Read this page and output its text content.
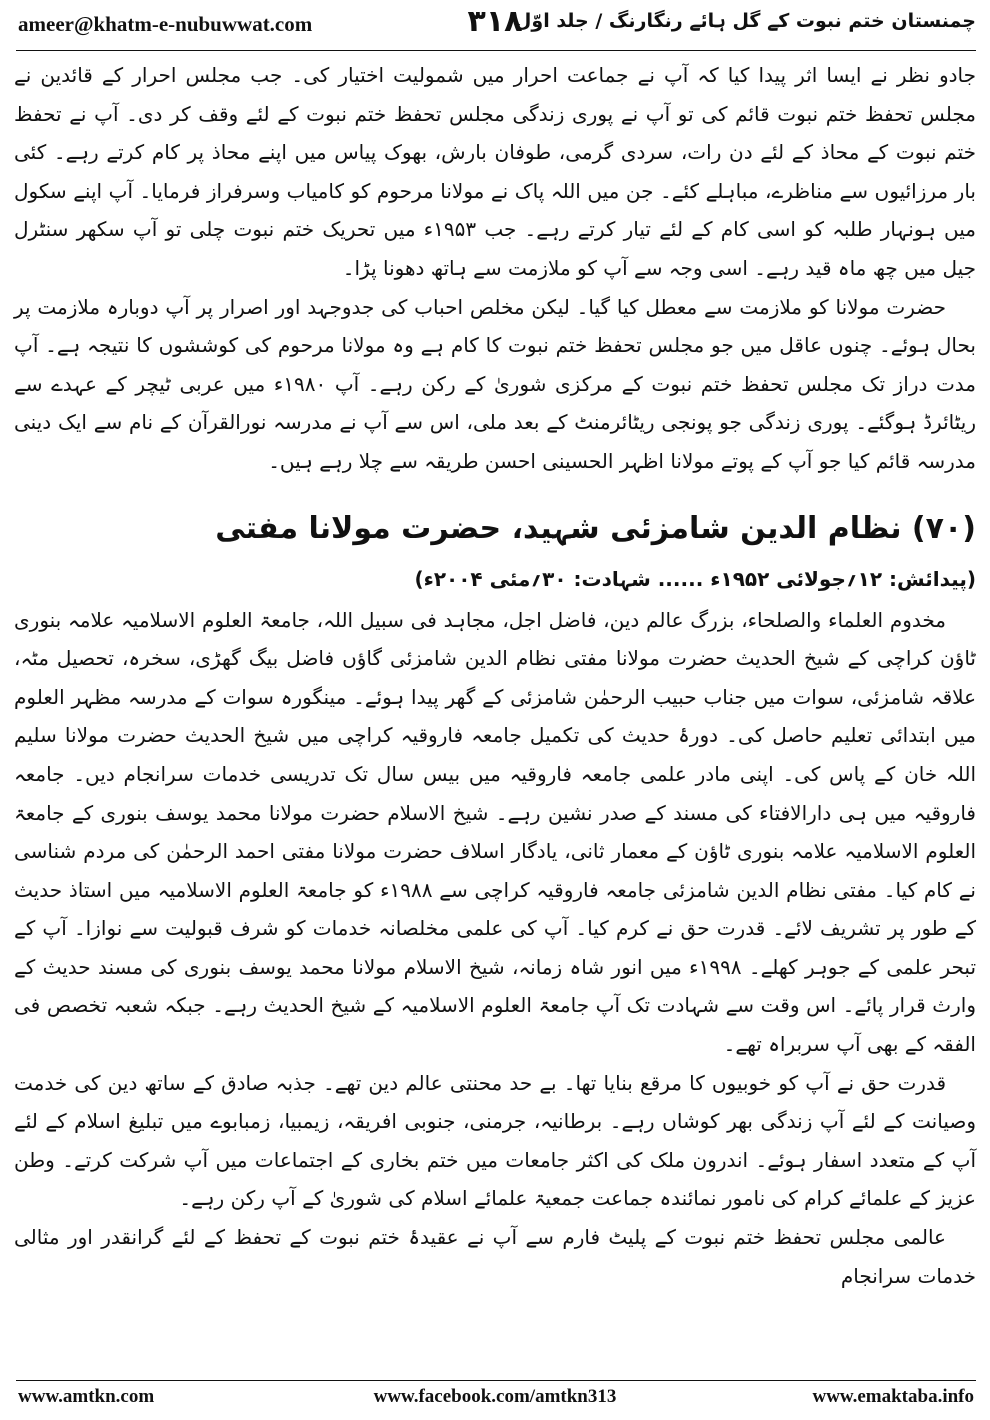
ameer@khatm-e-nubuwwat.com	۳۱۸
چمنستان ختم نبوت کے گل ہائے رنگارنگ / جلد اوّل

جادو نظر نے ایسا اثر پیدا کیا کہ آپ نے جماعت احرار میں شمولیت اختیار کی۔ جب مجلس احرار کے قائدین نے مجلس تحفظ ختم نبوت قائم کی تو آپ نے پوری زندگی مجلس تحفظ ختم نبوت کے لئے وقف کر دی۔ آپ نے تحفظ ختم نبوت کے محاذ کے لئے دن رات، سردی گرمی، طوفان بارش، بھوک پیاس میں اپنے محاذ پر کام کرتے رہے۔ کئی بار مرزائیوں سے مناظرے، مباہلے کئے۔ جن میں اللہ پاک نے مولانا مرحوم کو کامیاب وسرفراز فرمایا۔ آپ اپنے سکول میں ہونہار طلبہ کو اسی کام کے لئے تیار کرتے رہے۔ جب ۱۹۵۳ء میں تحریک ختم نبوت چلی تو آپ سکھر سنٹرل جیل میں چھ ماہ قید رہے۔ اسی وجہ سے آپ کو ملازمت سے ہاتھ دھونا پڑا۔

حضرت مولانا کو ملازمت سے معطل کیا گیا۔ لیکن مخلص احباب کی جدوجہد اور اصرار پر آپ دوبارہ ملازمت پر بحال ہوئے۔ چنوں عاقل میں جو مجلس تحفظ ختم نبوت کا کام ہے وہ مولانا مرحوم کی کوششوں کا نتیجہ ہے۔ آپ مدت دراز تک مجلس تحفظ ختم نبوت کے مرکزی شوریٰ کے رکن رہے۔ آپ ۱۹۸۰ء میں عربی ٹیچر کے عہدے سے ریٹائرڈ ہوگئے۔ پوری زندگی جو پونجی ریٹائرمنٹ کے بعد ملی، اس سے آپ نے مدرسہ نورالقرآن کے نام سے ایک دینی مدرسہ قائم کیا جو آپ کے پوتے مولانا اظہر الحسینی احسن طریقہ سے چلا رہے ہیں۔

(۷۰) نظام الدین شامزئی شہید، حضرت مولانا مفتی
(پیدائش: ۱۲؍جولائی ۱۹۵۲ء ...... شہادت: ۳۰؍مئی ۲۰۰۴ء)

مخدوم العلماء والصلحاء، بزرگ عالم دین، فاضل اجل، مجاہد فی سبیل اللہ، جامعۃ العلوم الاسلامیہ علامہ بنوری ٹاؤن کراچی کے شیخ الحدیث حضرت مولانا مفتی نظام الدین شامزئی گاؤں فاضل بیگ گھڑی، سخرہ، تحصیل مٹہ، علاقہ شامزئی، سوات میں جناب حبیب الرحمٰن شامزئی کے گھر پیدا ہوئے۔ مینگورہ سوات کے مدرسہ مظہر العلوم میں ابتدائی تعلیم حاصل کی۔ دورۂ حدیث کی تکمیل جامعہ فاروقیہ کراچی میں شیخ الحدیث حضرت مولانا سلیم اللہ خان کے پاس کی۔ اپنی مادر علمی جامعہ فاروقیہ میں بیس سال تک تدریسی خدمات سرانجام دیں۔ جامعہ فاروقیہ میں ہی دارالافتاء کی مسند کے صدر نشین رہے۔ شیخ الاسلام حضرت مولانا محمد یوسف بنوری کے جامعۃ العلوم الاسلامیہ علامہ بنوری ٹاؤن کے معمار ثانی، یادگار اسلاف حضرت مولانا مفتی احمد الرحمٰن کی مردم شناسی نے کام کیا۔ مفتی نظام الدین شامزئی جامعہ فاروقیہ کراچی سے ۱۹۸۸ء کو جامعۃ العلوم الاسلامیہ میں استاذ حدیث کے طور پر تشریف لائے۔ قدرت حق نے کرم کیا۔ آپ کی علمی مخلصانہ خدمات کو شرف قبولیت سے نوازا۔ آپ کے تبحر علمی کے جوہر کھلے۔ ۱۹۹۸ء میں انور شاہ زمانہ، شیخ الاسلام مولانا محمد یوسف بنوری کی مسند حدیث کے وارث قرار پائے۔ اس وقت سے شہادت تک آپ جامعۃ العلوم الاسلامیہ کے شیخ الحدیث رہے۔ جبکہ شعبہ تخصص فی الفقہ کے بھی آپ سربراہ تھے۔

قدرت حق نے آپ کو خوبیوں کا مرقع بنایا تھا۔ بے حد محنتی عالم دین تھے۔ جذبہ صادق کے ساتھ دین کی خدمت وصیانت کے لئے آپ زندگی بھر کوشاں رہے۔ برطانیہ، جرمنی، جنوبی افریقہ، زیمبیا، زمبابوے میں تبلیغ اسلام کے لئے آپ کے متعدد اسفار ہوئے۔ اندرون ملک کی اکثر جامعات میں ختم بخاری کے اجتماعات میں آپ شرکت کرتے۔ وطن عزیز کے علمائے کرام کی نامور نمائندہ جماعت جمعیۃ علمائے اسلام کی شوریٰ کے آپ رکن رہے۔

عالمی مجلس تحفظ ختم نبوت کے پلیٹ فارم سے آپ نے عقیدۂ ختم نبوت کے تحفظ کے لئے گرانقدر اور مثالی خدمات سرانجام

www.amtkn.com	www.facebook.com/amtkn313	www.emaktaba.info
